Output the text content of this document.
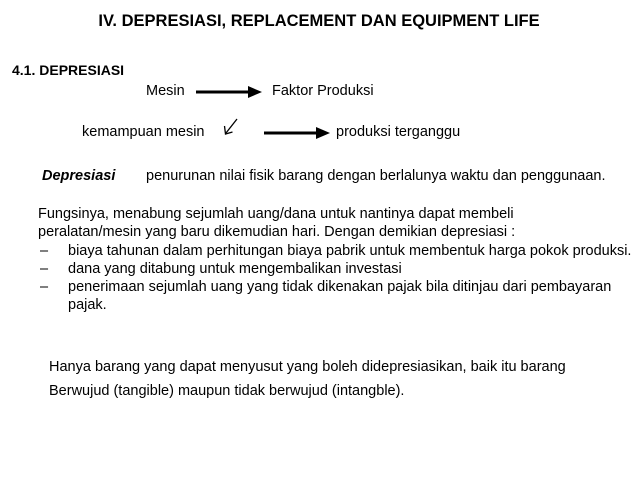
IV. DEPRESIASI, REPLACEMENT DAN EQUIPMENT LIFE
4.1. DEPRESIASI
Mesin	Faktor Produksi
kemampuan mesin	produksi terganggu
Depresiasi penurunan nilai fisik barang dengan berlalunya waktu dan penggunaan.
Fungsinya, menabung sejumlah uang/dana untuk nantinya dapat membeli peralatan/mesin yang baru dikemudian hari. Dengan demikian depresiasi :
–	biaya tahunan dalam perhitungan biaya pabrik untuk membentuk harga pokok produksi.
–	dana yang ditabung untuk mengembalikan investasi
–	penerimaan sejumlah uang yang tidak dikenakan pajak bila ditinjau dari pembayaran pajak.
Hanya barang yang dapat menyusut yang boleh didepresiasikan, baik itu barang Berwujud (tangible) maupun tidak berwujud (intangble).
